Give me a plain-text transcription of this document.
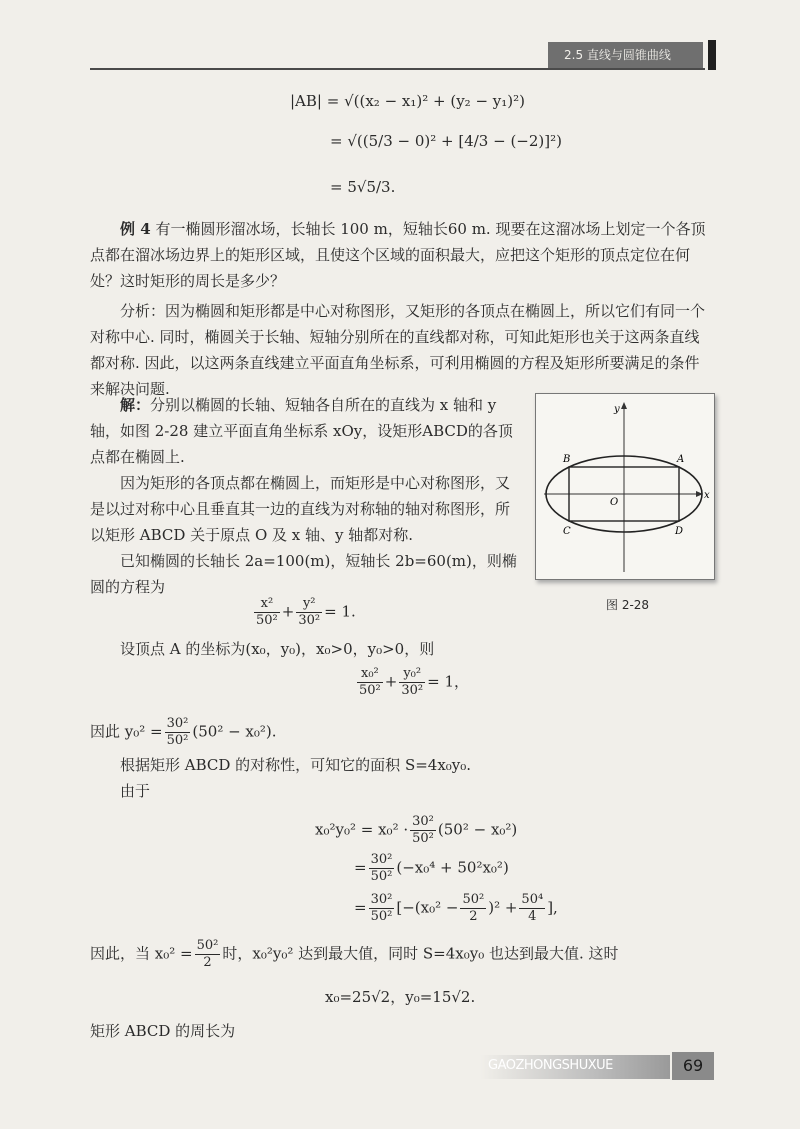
2.5 直线与圆锥曲线
|AB| = √((x₂ − x₁)² + (y₂ − y₁)²)
= √((5/3 − 0)² + [4/3 − (−2)]²)
= 5√5/3.
例 4 有一椭圆形溜冰场，长轴长 100 m，短轴长60 m. 现要在这溜冰场上划定一个各顶点都在溜冰场边界上的矩形区域，且使这个区域的面积最大，应把这个矩形的顶点定位在何处？这时矩形的周长是多少？
分析：因为椭圆和矩形都是中心对称图形，又矩形的各顶点在椭圆上，所以它们有同一个对称中心. 同时，椭圆关于长轴、短轴分别所在的直线都对称，可知此矩形也关于这两条直线都对称. 因此，以这两条直线建立平面直角坐标系，可利用椭圆的方程及矩形所要满足的条件来解决问题.
解：分别以椭圆的长轴、短轴各自所在的直线为 x 轴和 y 轴，如图 2-28 建立平面直角坐标系 xOy，设矩形ABCD的各顶点都在椭圆上.
因为矩形的各顶点都在椭圆上，而矩形是中心对称图形，又是以过对称中心且垂直其一边的直线为对称轴的轴对称图形，所以矩形 ABCD 关于原点 O 及 x 轴、y 轴都对称.
已知椭圆的长轴长 2a=100(m)，短轴长 2b=60(m)，则椭圆的方程为
x
y
O
A
B
C	D
图 2-28
$\frac{\text{x²}}{\text{50²}} + \frac{\text{y²}}{\text{30²}} = 1$.
设顶点 A 的坐标为(x₀，y₀)，x₀>0，y₀>0，则
$\frac{\text{x₀²}}{\text{50²}} + \frac{\text{y₀²}}{\text{30²}} = 1$，
因此 $y_0^2 = \frac{\text{30²}}{\text{50²}} (50^2 - x_0^2)$.
根据矩形 ABCD 的对称性，可知它的面积 S=4x₀y₀.
由于
$x_0^2y_0^2 = x_0^2 \cdot \frac{\text{30²}}{\text{50²}} (50^2 - x_0^2)$
= $\frac{\text{30²}}{\text{50²}} (-x_0^4 + 50^2x_0^2)$
= $\frac{\text{30²}}{\text{50²}} [-(x_0^2 - \frac{\text{50²}}{2} )^2 + \frac{\text{50⁴}}{4}$ ],
因此，当 $x_0^2 = \frac{\text{50²}}{2}$ 时，x₀²y₀² 达到最大值，同时 S=4x₀y₀ 也达到最大值. 这时
x₀=25√2，y₀=15√2.
矩形 ABCD 的周长为
GAOZHONGSHUXUE	69
